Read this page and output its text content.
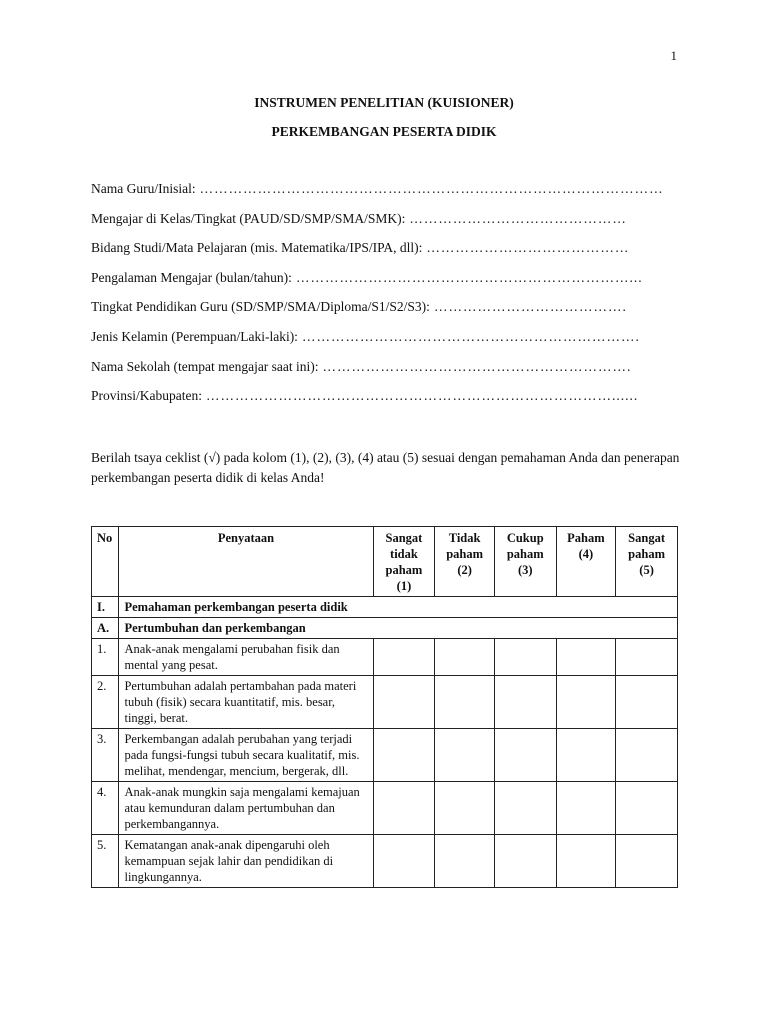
1
INSTRUMEN PENELITIAN (KUISIONER)
PERKEMBANGAN PESERTA DIDIK
Nama Guru/Inisial: ……………………………………………………………………………………
Mengajar di Kelas/Tingkat (PAUD/SD/SMP/SMA/SMK): ………………………………………
Bidang Studi/Mata Pelajaran (mis. Matematika/IPS/IPA, dll): ……………………………………
Pengalaman Mengajar (bulan/tahun): ……………………………………………………………...
Tingkat Pendidikan Guru (SD/SMP/SMA/Diploma/S1/S2/S3): ………………………………….
Jenis Kelamin (Perempuan/Laki-laki): …………………………………………………………….
Nama Sekolah (tempat mengajar saat ini): ……………………………………………………….
Provinsi/Kabupaten: …………………………………………………………………………......
Berilah tsaya ceklist (√) pada kolom (1), (2), (3), (4) atau (5) sesuai dengan pemahaman Anda dan penerapan perkembangan peserta didik di kelas Anda!
No	Penyataan	Sangat tidak paham (1)	Tidak paham (2)	Cukup paham (3)	Paham (4)	Sangat paham (5)
I.	Pemahaman perkembangan peserta didik					
A.	Pertumbuhan dan perkembangan					
1.	Anak-anak mengalami perubahan fisik dan mental yang pesat.					
2.	Pertumbuhan adalah pertambahan pada materi tubuh (fisik) secara kuantitatif, mis. besar, tinggi, berat.					
3.	Perkembangan adalah perubahan yang terjadi pada fungsi-fungsi tubuh secara kualitatif, mis. melihat, mendengar, mencium, bergerak, dll.					
4.	Anak-anak mungkin saja mengalami kemajuan atau kemunduran dalam pertumbuhan dan perkembangannya.					
5.	Kematangan anak-anak dipengaruhi oleh kemampuan sejak lahir dan pendidikan di lingkungannya.					
